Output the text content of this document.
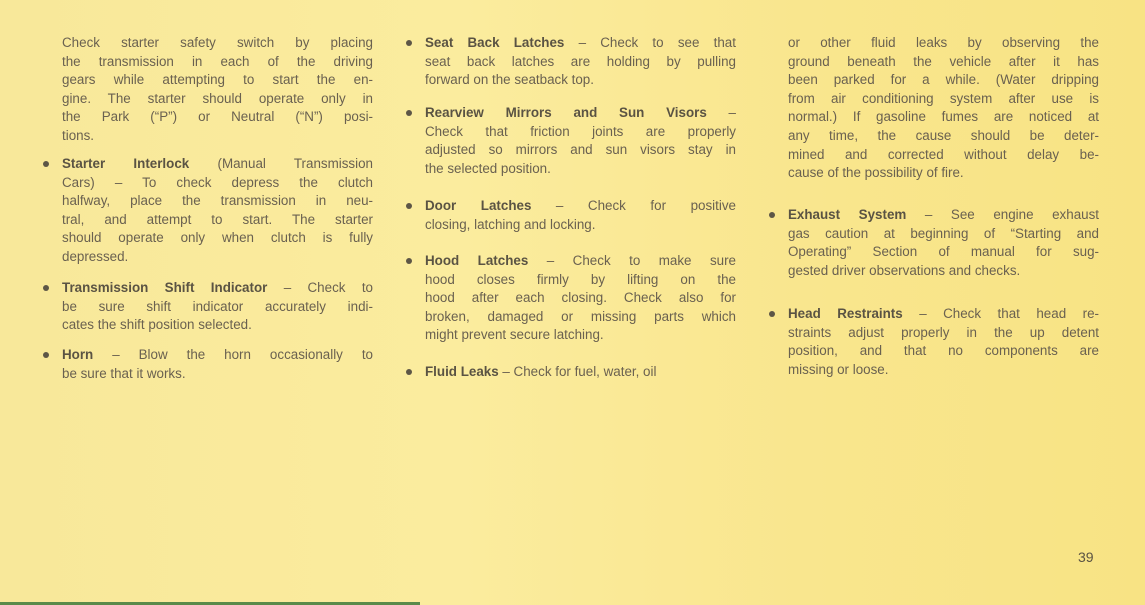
Check starter safety switch by placing
the transmission in each of the driving
gears while attempting to start the en-
gine. The starter should operate only in
the Park (“P”) or Neutral (“N”) posi-
tions.
Starter Interlock (Manual Transmission
Cars) – To check depress the clutch
halfway, place the transmission in neu-
tral, and attempt to start. The starter
should operate only when clutch is fully
depressed.
Transmission Shift Indicator – Check to
be sure shift indicator accurately indi-
cates the shift position selected.
Horn – Blow the horn occasionally to
be sure that it works.
Seat Back Latches – Check to see that
seat back latches are holding by pulling
forward on the seatback top.
Rearview Mirrors and Sun Visors –
Check that friction joints are properly
adjusted so mirrors and sun visors stay in
the selected position.
Door Latches – Check for positive
closing, latching and locking.
Hood Latches – Check to make sure
hood closes firmly by lifting on the
hood after each closing. Check also for
broken, damaged or missing parts which
might prevent secure latching.
Fluid Leaks – Check for fuel, water, oil
or other fluid leaks by observing the
ground beneath the vehicle after it has
been parked for a while. (Water dripping
from air conditioning system after use is
normal.) If gasoline fumes are noticed at
any time, the cause should be deter-
mined and corrected without delay be-
cause of the possibility of fire.
Exhaust System – See engine exhaust
gas caution at beginning of “Starting and
Operating” Section of manual for sug-
gested driver observations and checks.
Head Restraints – Check that head re-
straints adjust properly in the up detent
position, and that no components are
missing or loose.
39
